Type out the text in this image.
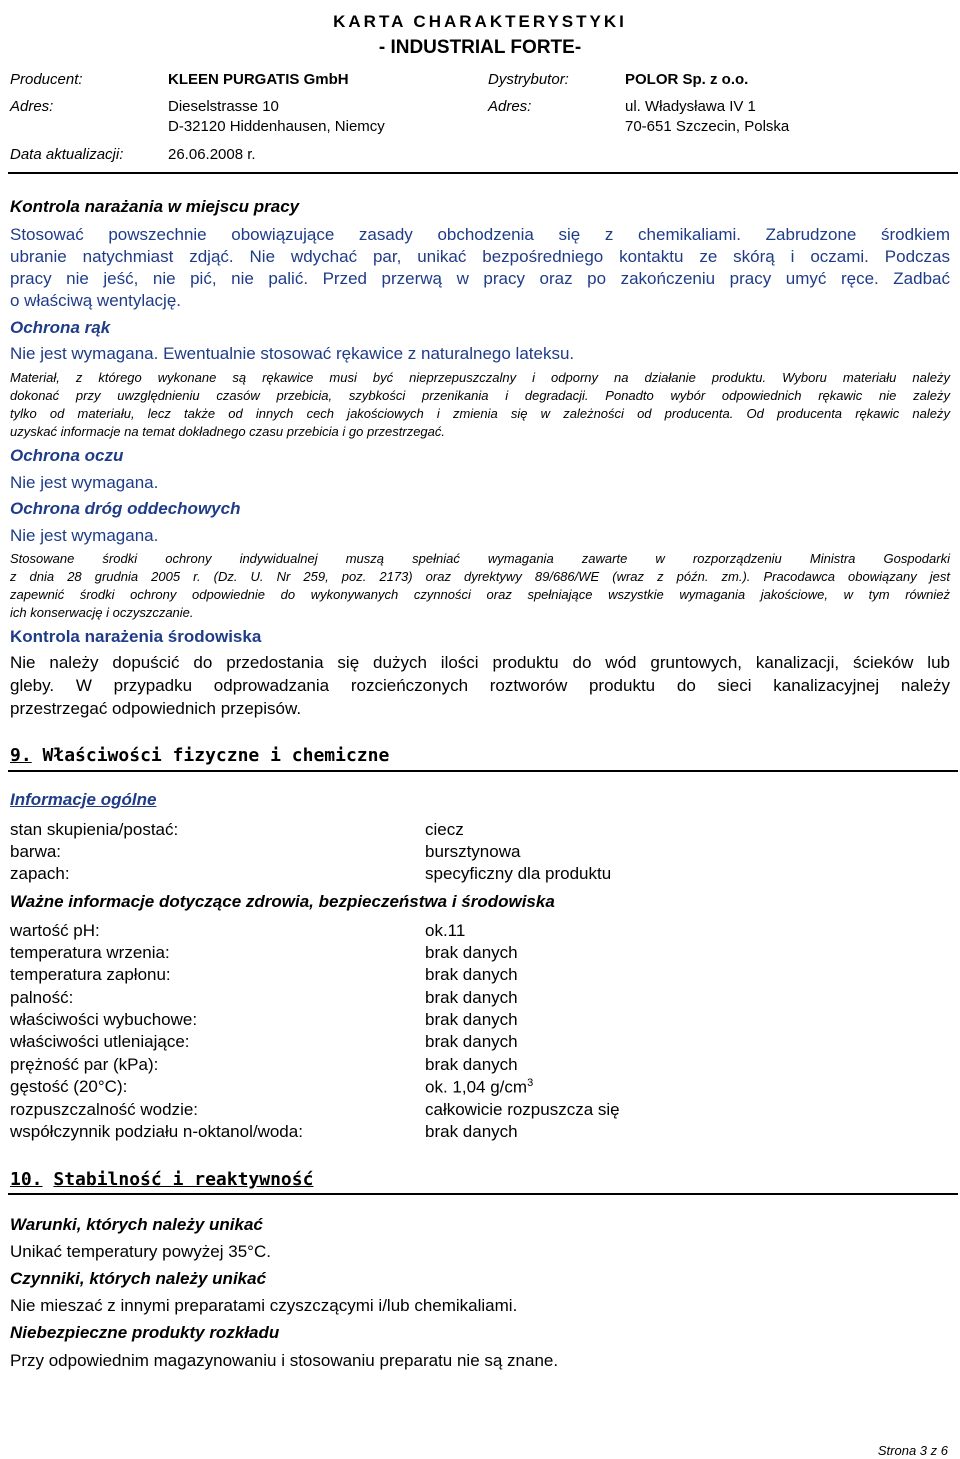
KARTA CHARAKTERYSTYKI
- INDUSTRIAL FORTE-
Producent:	KLEEN PURGATIS GmbH	Dystrybutor:	POLOR Sp. z o.o.
Adres:	Dieselstrasse 10	Adres:	ul. Władysława IV 1
D-32120 Hiddenhausen, Niemcy	70-651 Szczecin, Polska
Data aktualizacji:	26.06.2008 r.
Kontrola narażania w miejscu pracy
Stosować powszechnie obowiązujące zasady obchodzenia się z chemikaliami. Zabrudzone środkiem
ubranie natychmiast zdjąć. Nie wdychać par, unikać bezpośredniego kontaktu ze skórą i oczami. Podczas
pracy nie jeść, nie pić, nie palić. Przed przerwą w pracy oraz po zakończeniu pracy umyć ręce. Zadbać
o właściwą wentylację.
Ochrona rąk
Nie jest wymagana. Ewentualnie stosować rękawice z naturalnego lateksu.
Materiał, z którego wykonane są rękawice musi być nieprzepuszczalny i odporny na działanie produktu. Wyboru materiału należy
dokonać przy uwzględnieniu czasów przebicia, szybkości przenikania i degradacji. Ponadto wybór odpowiednich rękawic nie zależy
tylko od materiału, lecz także od innych cech jakościowych i zmienia się w zależności od producenta. Od producenta rękawic należy
uzyskać informacje na temat dokładnego czasu przebicia i go przestrzegać.
Ochrona oczu
Nie jest wymagana.
Ochrona dróg oddechowych
Nie jest wymagana.
Stosowane środki ochrony indywidualnej muszą spełniać wymagania zawarte w rozporządzeniu Ministra Gospodarki
z dnia 28 grudnia 2005 r. (Dz. U. Nr 259, poz. 2173) oraz dyrektywy 89/686/WE (wraz z późn. zm.). Pracodawca obowiązany jest
zapewnić środki ochrony odpowiednie do wykonywanych czynności oraz spełniające wszystkie wymagania jakościowe, w tym również
ich konserwację i oczyszczanie.
Kontrola narażenia środowiska
Nie należy dopuścić do przedostania się dużych ilości produktu do wód gruntowych, kanalizacji, ścieków lub
gleby. W przypadku odprowadzania rozcieńczonych roztworów produktu do sieci kanalizacyjnej należy
przestrzegać odpowiednich przepisów.
9. Właściwości fizyczne i chemiczne
Informacje ogólne
stan skupienia/postać:	ciecz
barwa:	bursztynowa
zapach:	specyficzny dla produktu
Ważne informacje dotyczące zdrowia, bezpieczeństwa i środowiska
wartość pH:	ok.11
temperatura wrzenia:	brak danych
temperatura zapłonu:	brak danych
palność:	brak danych
właściwości wybuchowe:	brak danych
właściwości utleniające:	brak danych
prężność par (kPa):	brak danych
gęstość (20°C):	ok. 1,04 $g/cm^3$
rozpuszczalność wodzie:	całkowicie rozpuszcza się
współczynnik podziału n-oktanol/woda:	brak danych
10. Stabilność i reaktywność
Warunki, których należy unikać
Unikać temperatury powyżej 35°C.
Czynniki, których należy unikać
Nie mieszać z innymi preparatami czyszczącymi i/lub chemikaliami.
Niebezpieczne produkty rozkładu
Przy odpowiednim magazynowaniu i stosowaniu preparatu nie są znane.
Strona 3 z 6
